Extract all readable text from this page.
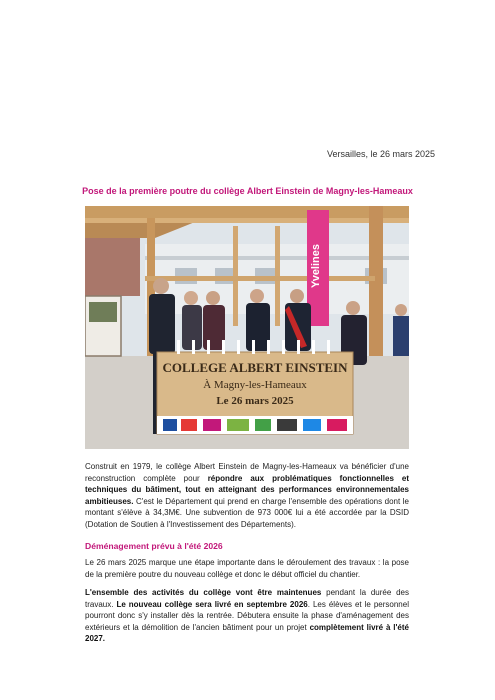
Versailles, le 26 mars 2025
Pose de la première poutre du collège Albert Einstein de Magny-les-Hameaux
Yvelines
COLLEGE ALBERT EINSTEIN
À Magny-les-Hameaux
Le 26 mars 2025

Construit en 1979, le collège Albert Einstein de Magny-les-Hameaux va bénéficier d'une reconstruction complète pour répondre aux problématiques fonctionnelles et techniques du bâtiment, tout en atteignant des performances environnementales ambitieuses. C'est le Département qui prend en charge l'ensemble des opérations dont le montant s'élève à 34,3M€. Une subvention de 973 000€ lui a été accordée par la DSID (Dotation de Soutien à l'Investissement des Départements).

Déménagement prévu à l'été 2026

Le 26 mars 2025 marque une étape importante dans le déroulement des travaux : la pose de la première poutre du nouveau collège et donc le début officiel du chantier.

L'ensemble des activités du collège vont être maintenues pendant la durée des travaux. Le nouveau collège sera livré en septembre 2026. Les élèves et le personnel pourront donc s'y installer dès la rentrée. Débutera ensuite la phase d'aménagement des extérieurs et la démolition de l'ancien bâtiment pour un projet complètement livré à l'été 2027.
